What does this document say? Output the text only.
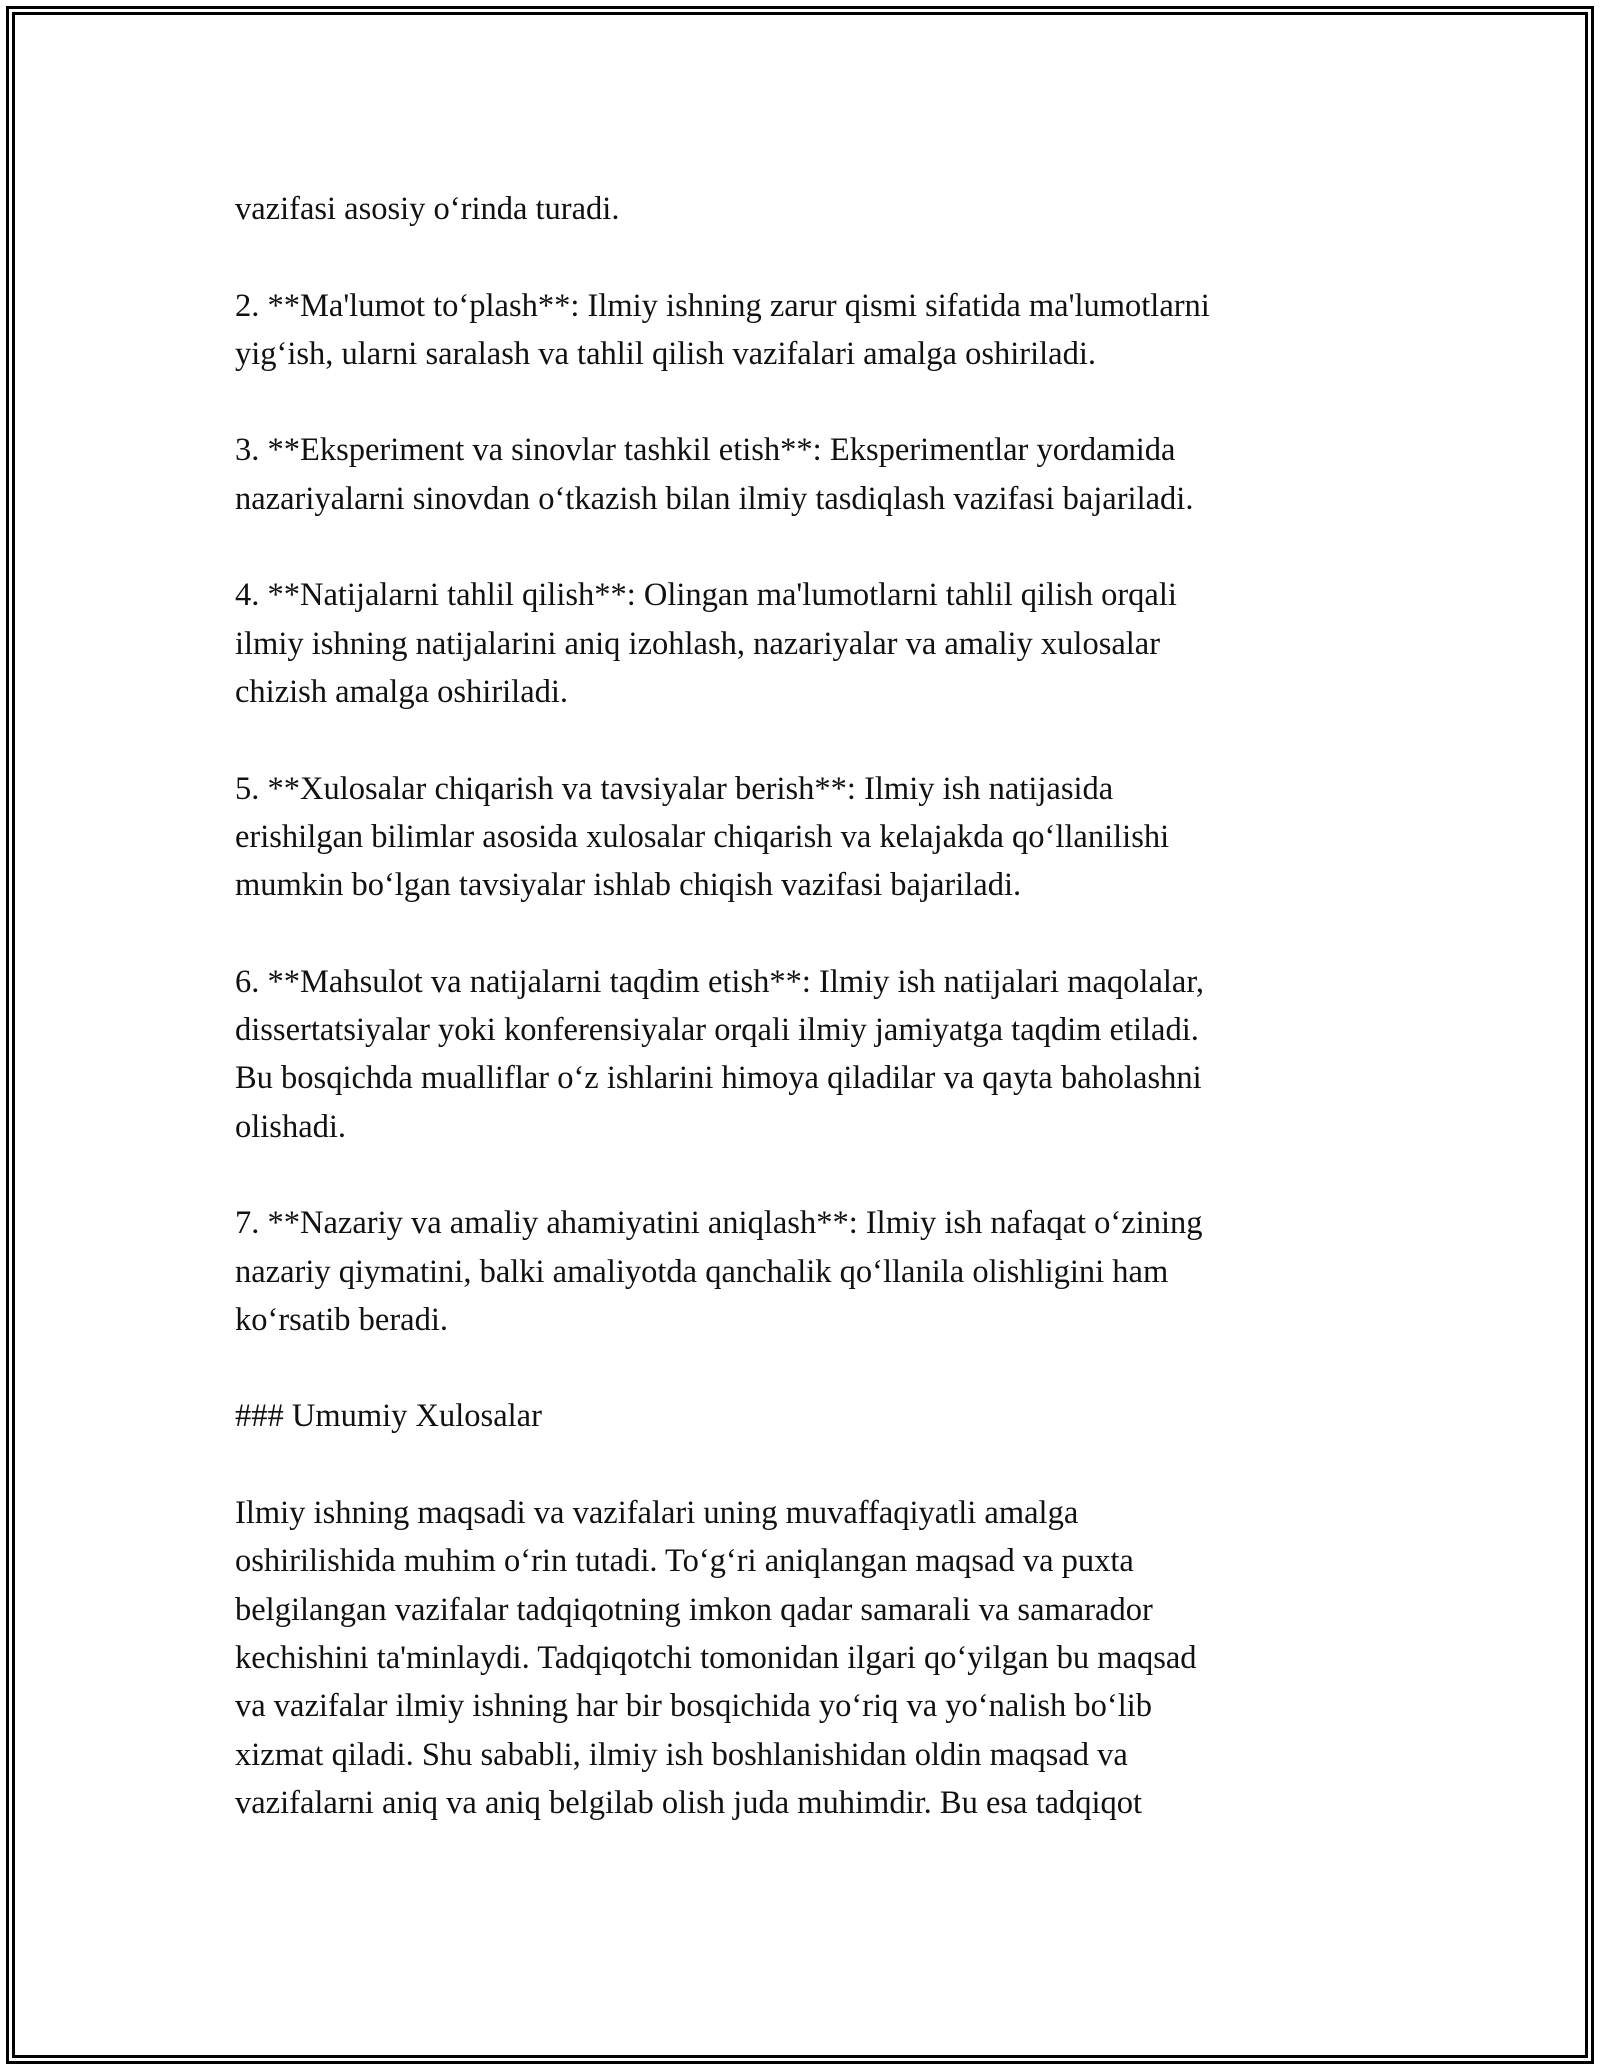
vazifasi asosiy o‘rinda turadi.

2. **Ma'lumot to‘plash**: Ilmiy ishning zarur qismi sifatida ma'lumotlarni
yig‘ish, ularni saralash va tahlil qilish vazifalari amalga oshiriladi.

3. **Eksperiment va sinovlar tashkil etish**: Eksperimentlar yordamida
nazariyalarni sinovdan o‘tkazish bilan ilmiy tasdiqlash vazifasi bajariladi.

4. **Natijalarni tahlil qilish**: Olingan ma'lumotlarni tahlil qilish orqali
ilmiy ishning natijalarini aniq izohlash, nazariyalar va amaliy xulosalar
chizish amalga oshiriladi.

5. **Xulosalar chiqarish va tavsiyalar berish**: Ilmiy ish natijasida
erishilgan bilimlar asosida xulosalar chiqarish va kelajakda qo‘llanilishi
mumkin bo‘lgan tavsiyalar ishlab chiqish vazifasi bajariladi.

6. **Mahsulot va natijalarni taqdim etish**: Ilmiy ish natijalari maqolalar,
dissertatsiyalar yoki konferensiyalar orqali ilmiy jamiyatga taqdim etiladi.
Bu bosqichda mualliflar o‘z ishlarini himoya qiladilar va qayta baholashni
olishadi.

7. **Nazariy va amaliy ahamiyatini aniqlash**: Ilmiy ish nafaqat o‘zining
nazariy qiymatini, balki amaliyotda qanchalik qo‘llanila olishligini ham
ko‘rsatib beradi.

### Umumiy Xulosalar

Ilmiy ishning maqsadi va vazifalari uning muvaffaqiyatli amalga
oshirilishida muhim o‘rin tutadi. To‘g‘ri aniqlangan maqsad va puxta
belgilangan vazifalar tadqiqotning imkon qadar samarali va samarador
kechishini ta'minlaydi. Tadqiqotchi tomonidan ilgari qo‘yilgan bu maqsad
va vazifalar ilmiy ishning har bir bosqichida yo‘riq va yo‘nalish bo‘lib
xizmat qiladi. Shu sababli, ilmiy ish boshlanishidan oldin maqsad va
vazifalarni aniq va aniq belgilab olish juda muhimdir. Bu esa tadqiqot
